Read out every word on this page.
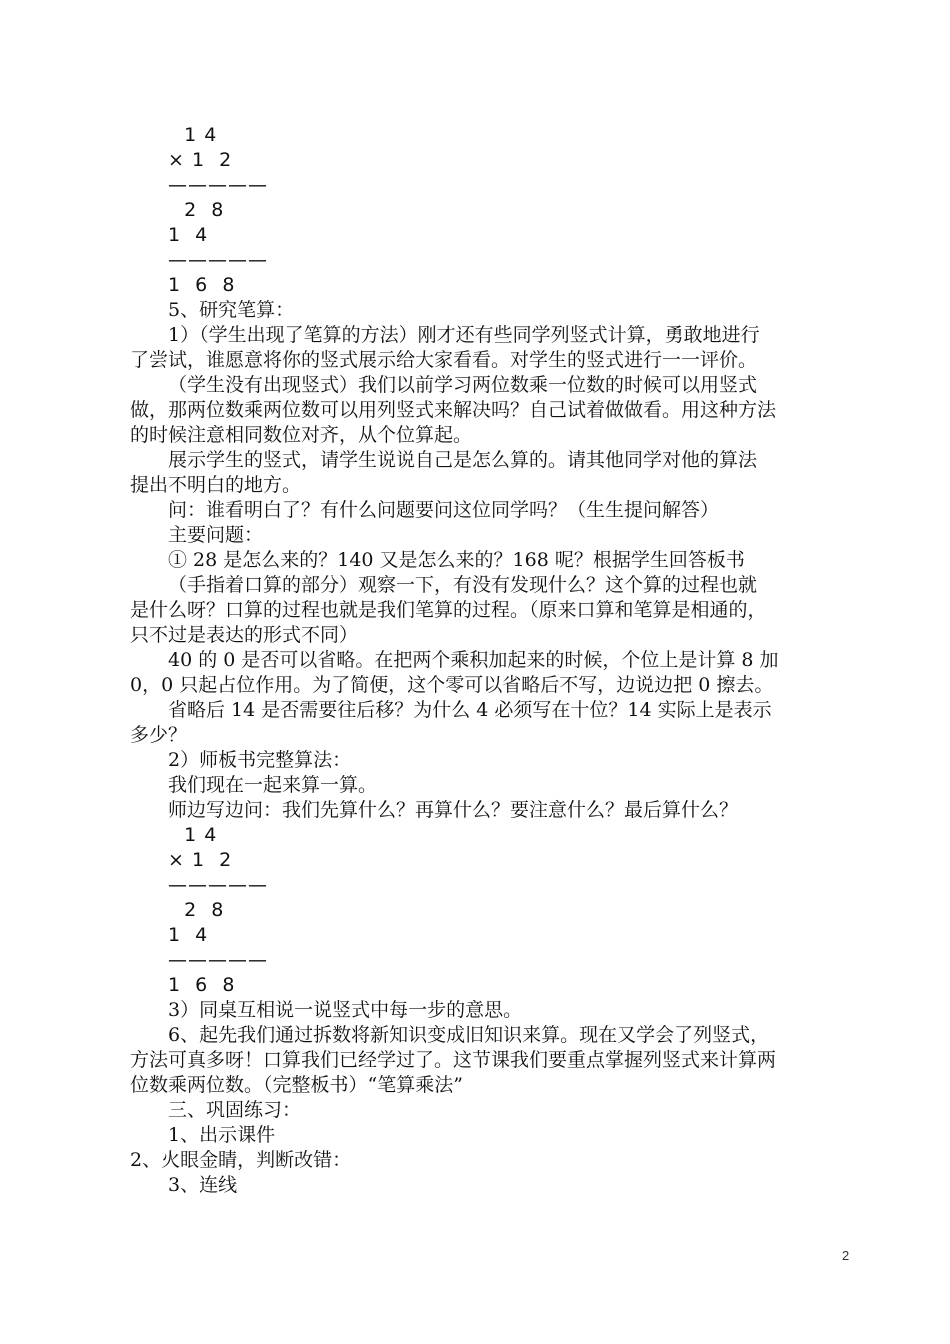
1 4

× 1  2

—————

2  8

1  4

—————

1  6  8

5、研究笔算：

1）（学生出现了笔算的方法）刚才还有些同学列竖式计算，勇敢地进行

了尝试，谁愿意将你的竖式展示给大家看看。对学生的竖式进行一一评价。

（学生没有出现竖式）我们以前学习两位数乘一位数的时候可以用竖式

做，那两位数乘两位数可以用列竖式来解决吗？自己试着做做看。用这种方法

的时候注意相同数位对齐，从个位算起。

展示学生的竖式，请学生说说自己是怎么算的。请其他同学对他的算法

提出不明白的地方。

问：谁看明白了？有什么问题要问这位同学吗？（生生提问解答）

主要问题：

① 28 是怎么来的？140 又是怎么来的？168 呢？根据学生回答板书

（手指着口算的部分）观察一下，有没有发现什么？这个算的过程也就

是什么呀？口算的过程也就是我们笔算的过程。（原来口算和笔算是相通的，

只不过是表达的形式不同）

40 的 0 是否可以省略。在把两个乘积加起来的时候，个位上是计算 8 加

0，0 只起占位作用。为了简便，这个零可以省略后不写，边说边把 0 擦去。

省略后 14 是否需要往后移？为什么 4 必须写在十位？14 实际上是表示

多少？

2）师板书完整算法：

我们现在一起来算一算。

师边写边问：我们先算什么？再算什么？要注意什么？最后算什么？

1 4

× 1  2

—————

2  8

1  4

—————

1  6  8

3）同桌互相说一说竖式中每一步的意思。

6、起先我们通过拆数将新知识变成旧知识来算。现在又学会了列竖式，

方法可真多呀！口算我们已经学过了。这节课我们要重点掌握列竖式来计算两

位数乘两位数。（完整板书）“笔算乘法”

三、巩固练习：

1、出示课件

2、火眼金睛，判断改错：

3、连线

2
